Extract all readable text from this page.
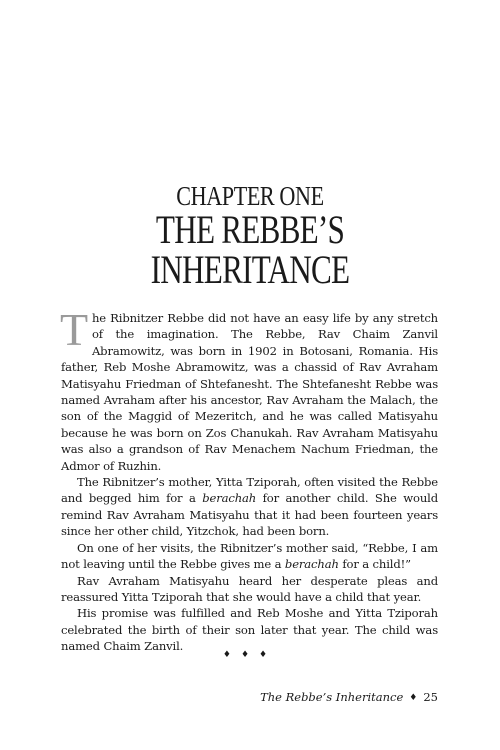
CHAPTER ONE
THE REBBE’S INHERITANCE

The Ribnitzer Rebbe did not have an easy life by any stretch of the imagination. The Rebbe, Rav Chaim Zanvil Abramowitz, was born in 1902 in Botosani, Romania. His father, Reb Moshe Abramowitz, was a chassid of Rav Avraham Matisyahu Friedman of Shtefanesht. The Shtefanesht Rebbe was named Avraham after his ancestor, Rav Avraham the Malach, the son of the Maggid of Mezeritch, and he was called Matisyahu because he was born on Zos Chanukah. Rav Avraham Matisyahu was also a grandson of Rav Menachem Nachum Friedman, the Admor of Ruzhin.

The Ribnitzer’s mother, Yitta Tziporah, often visited the Rebbe and begged him for a berachah for another child. She would remind Rav Avraham Matisyahu that it had been fourteen years since her other child, Yitzchok, had been born.

On one of her visits, the Ribnitzer’s mother said, “Rebbe, I am not leaving until the Rebbe gives me a berachah for a child!”

Rav Avraham Matisyahu heard her desperate pleas and reassured Yitta Tziporah that she would have a child that year.

His promise was fulfilled and Reb Moshe and Yitta Tziporah celebrated the birth of their son later that year. The child was named Chaim Zanvil.

♦♦♦
The Rebbe’s Inheritance ♦ 25
